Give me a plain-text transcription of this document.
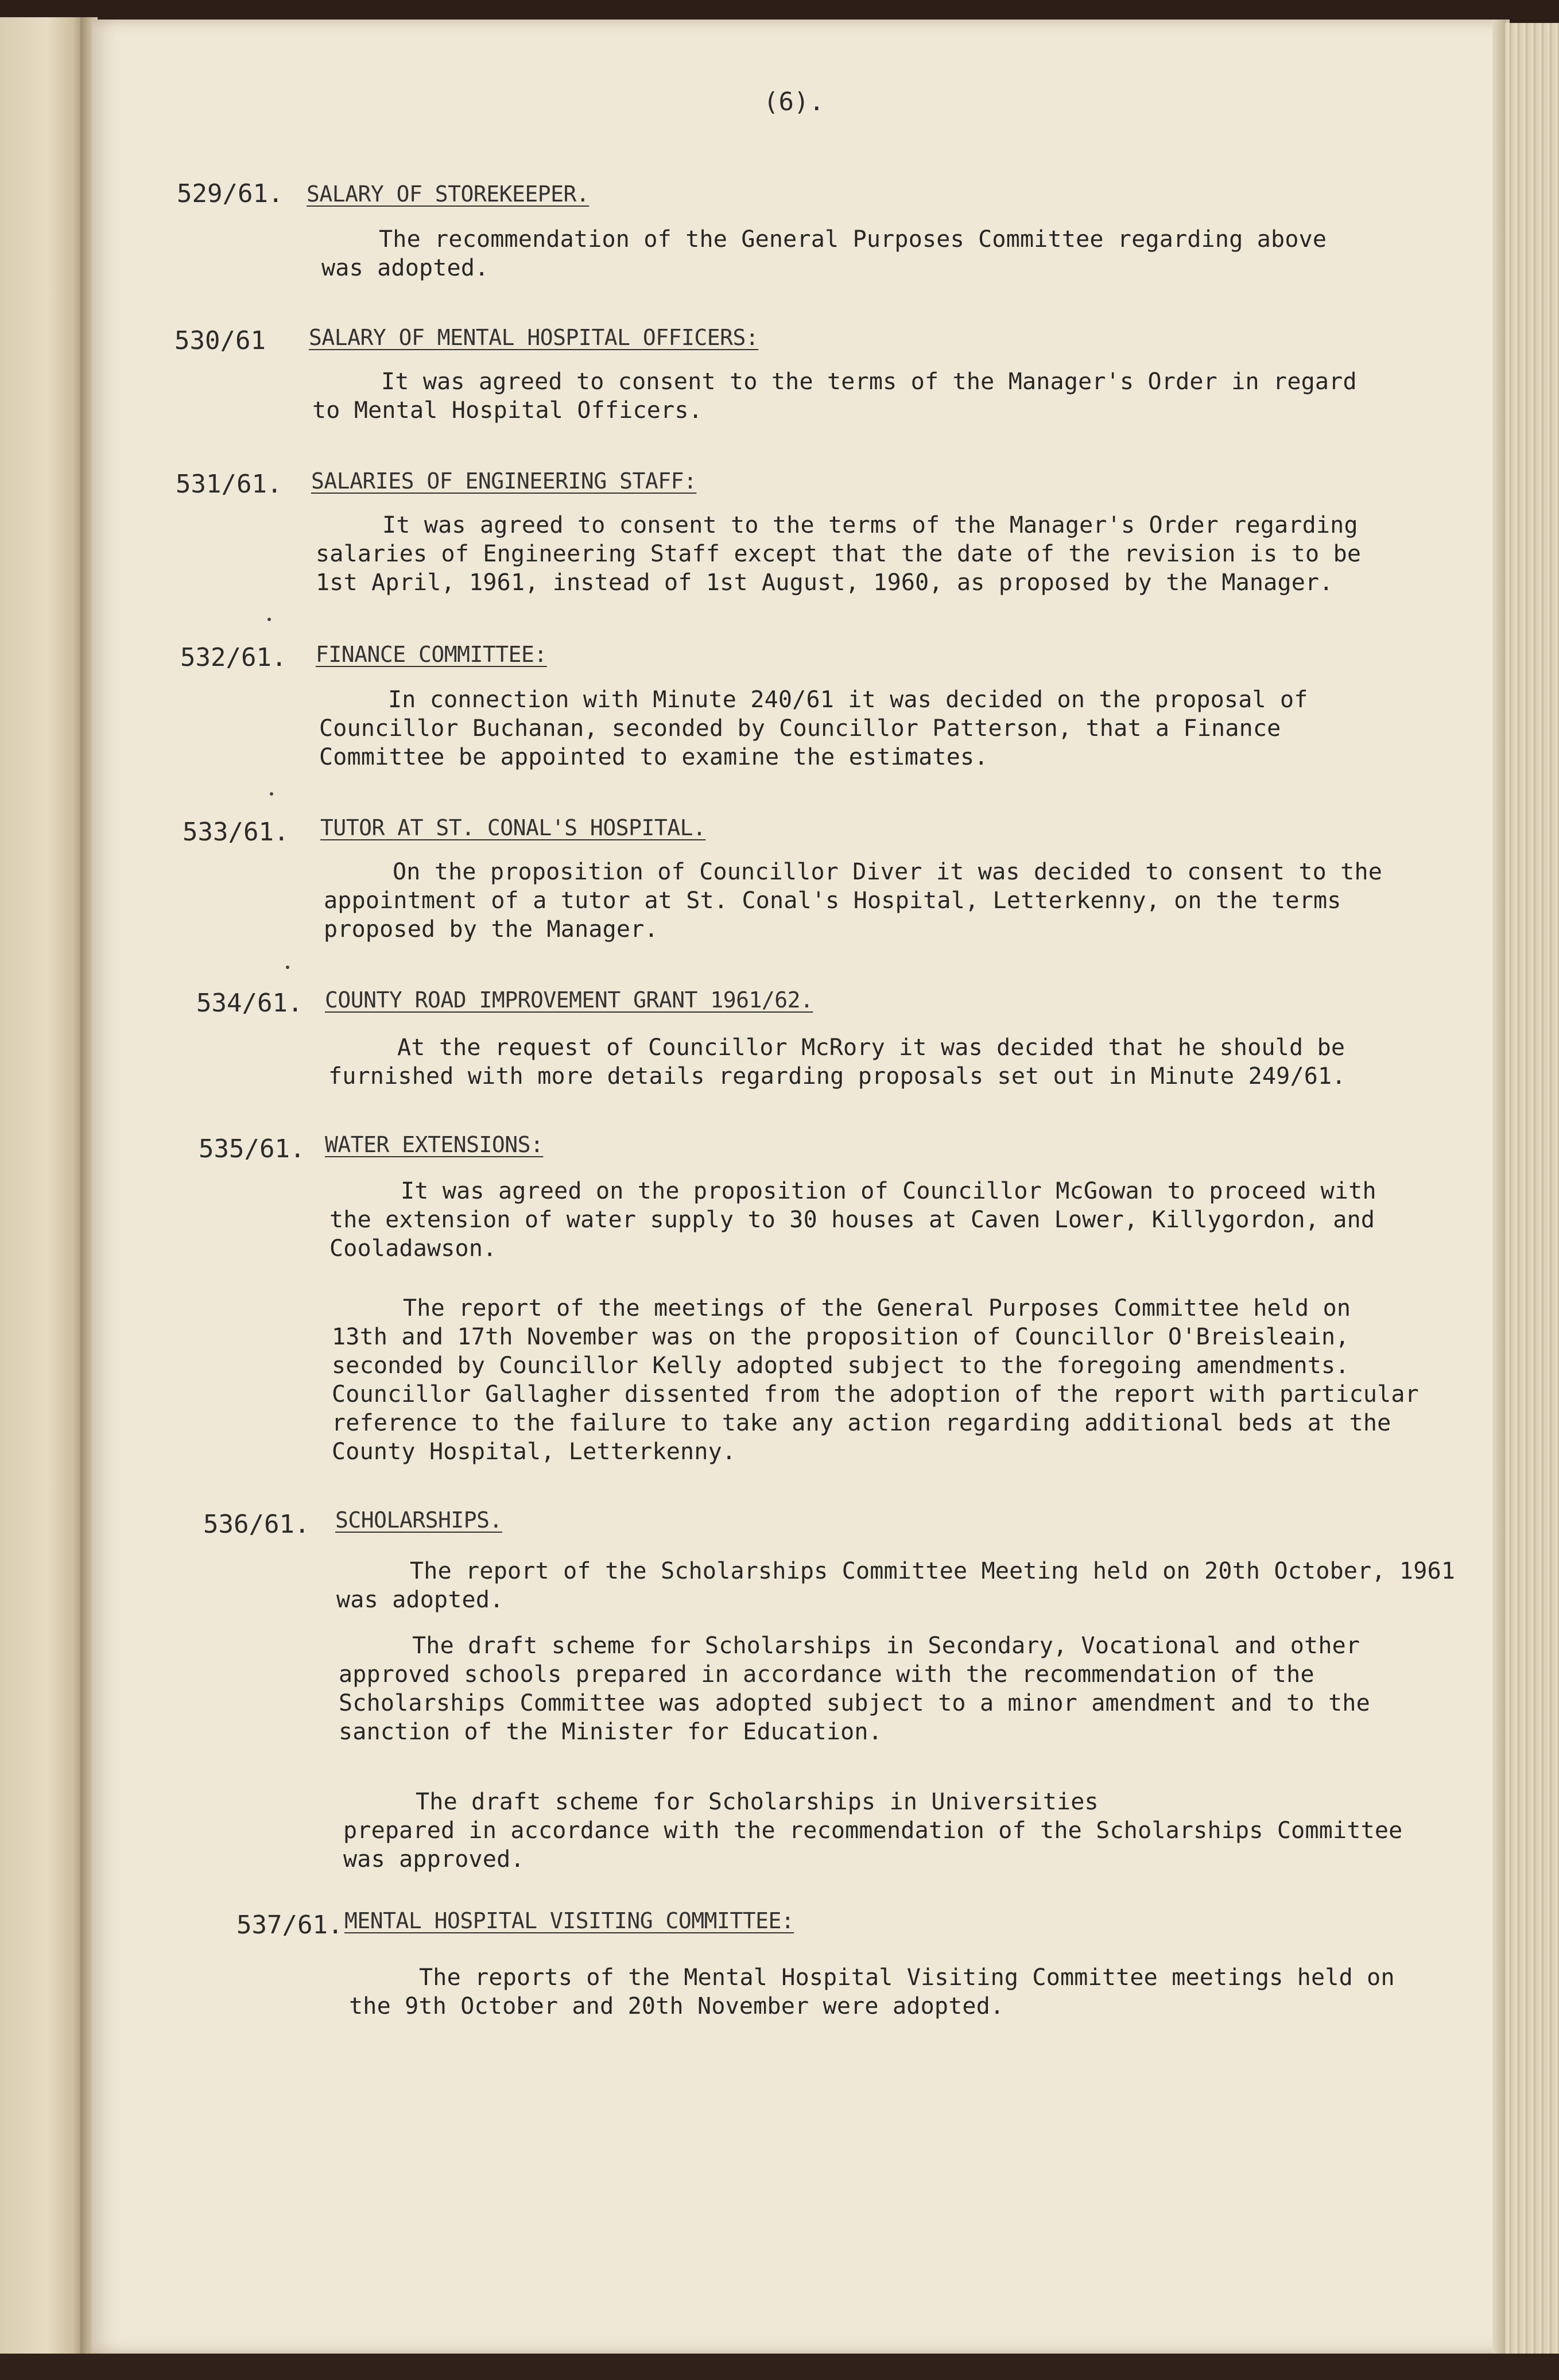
(6).
529/61. SALARY OF STOREKEEPER.
The recommendation of the General Purposes Committee regarding above
was adopted.
530/61 SALARY OF MENTAL HOSPITAL OFFICERS:
It was agreed to consent to the terms of the Manager's Order in regard
to Mental Hospital Officers.
531/61. SALARIES OF ENGINEERING STAFF:
It was agreed to consent to the terms of the Manager's Order regarding
salaries of Engineering Staff except that the date of the revision is to be
1st April, 1961, instead of 1st August, 1960, as proposed by the Manager.
532/61. FINANCE COMMITTEE:
In connection with Minute 240/61 it was decided on the proposal of
Councillor Buchanan, seconded by Councillor Patterson, that a Finance
Committee be appointed to examine the estimates.
533/61. TUTOR AT ST. CONAL'S HOSPITAL.
On the proposition of Councillor Diver it was decided to consent to the
appointment of a tutor at St. Conal's Hospital, Letterkenny, on the terms
proposed by the Manager.
534/61. COUNTY ROAD IMPROVEMENT GRANT 1961/62.
At the request of Councillor McRory it was decided that he should be
furnished with more details regarding proposals set out in Minute 249/61.
535/61. WATER EXTENSIONS:
It was agreed on the proposition of Councillor McGowan to proceed with
the extension of water supply to 30 houses at Caven Lower, Killygordon, and
Cooladawson.
The report of the meetings of the General Purposes Committee held on
13th and 17th November was on the proposition of Councillor O'Breisleain,
seconded by Councillor Kelly adopted subject to the foregoing amendments.
Councillor Gallagher dissented from the adoption of the report with particular
reference to the failure to take any action regarding additional beds at the
County Hospital, Letterkenny.
536/61. SCHOLARSHIPS.
The report of the Scholarships Committee Meeting held on 20th October, 1961
was adopted.
The draft scheme for Scholarships in Secondary, Vocational and other
approved schools prepared in accordance with the recommendation of the
Scholarships Committee was adopted subject to a minor amendment and to the
sanction of the Minister for Education.
The draft scheme for Scholarships in Universities
prepared in accordance with the recommendation of the Scholarships Committee
was approved.
537/61. MENTAL HOSPITAL VISITING COMMITTEE:
The reports of the Mental Hospital Visiting Committee meetings held on
the 9th October and 20th November were adopted.
